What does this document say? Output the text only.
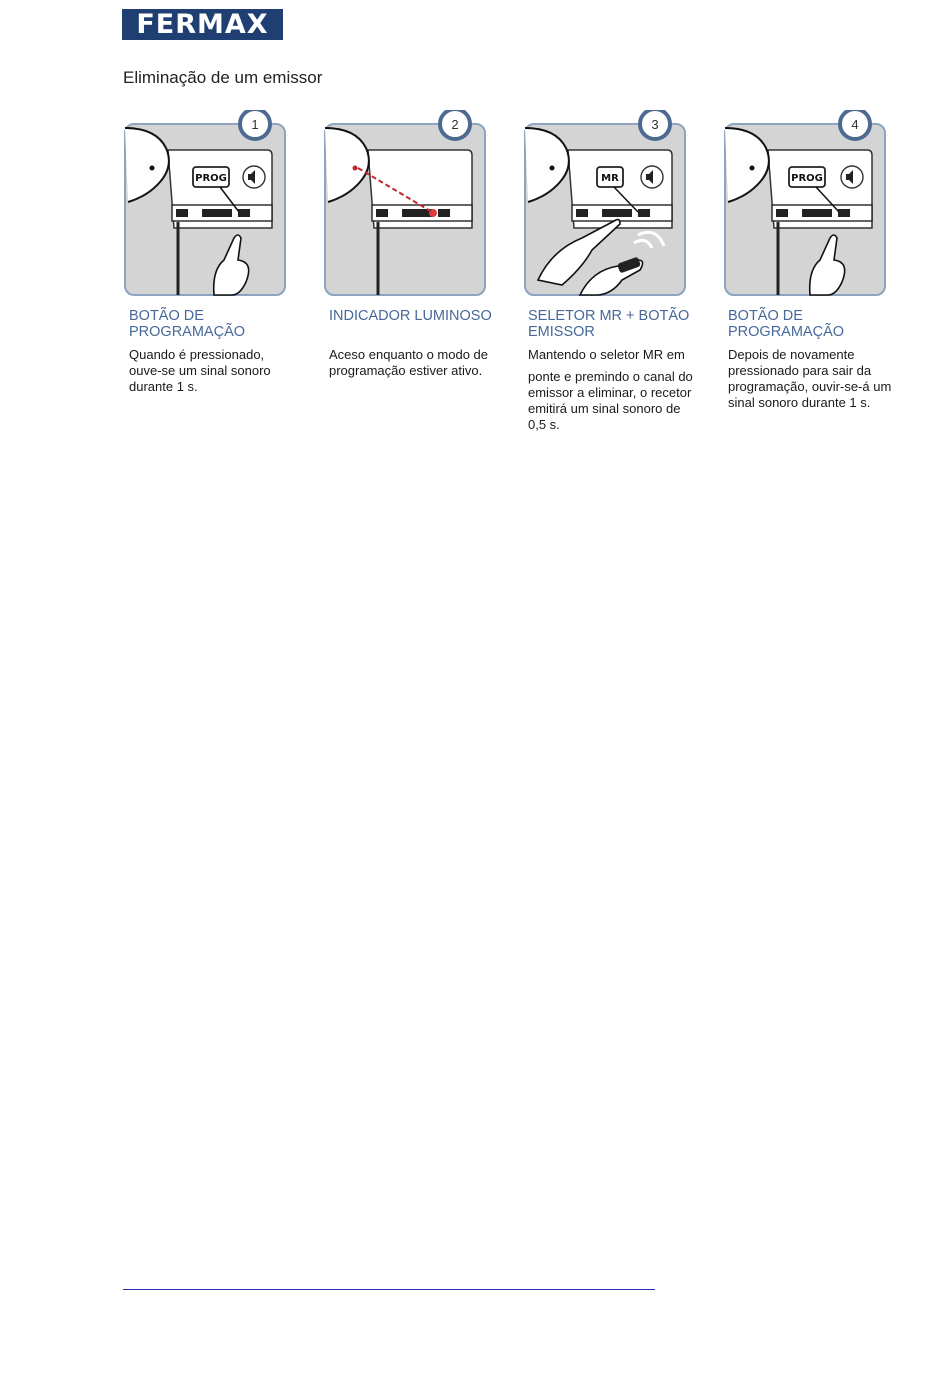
FERMAX
Eliminação de um emissor
PROG
1
BOTÃO DE PROGRAMAÇÃO
Quando é pressionado, ouve-se um sinal sonoro durante 1 s.
2
INDICADOR LUMINOSO
Aceso enquanto o modo de programação estiver ativo.
MR
3
SELETOR MR + BOTÃO EMISSOR
Mantendo o seletor MR em
ponte e premindo o canal do emissor a eliminar, o recetor emitirá um sinal sonoro de 0,5 s.
PROG
4
BOTÃO DE PROGRAMAÇÃO
Depois de novamente pressionado para sair da programação, ouvir-se-á um sinal sonoro durante 1 s.
